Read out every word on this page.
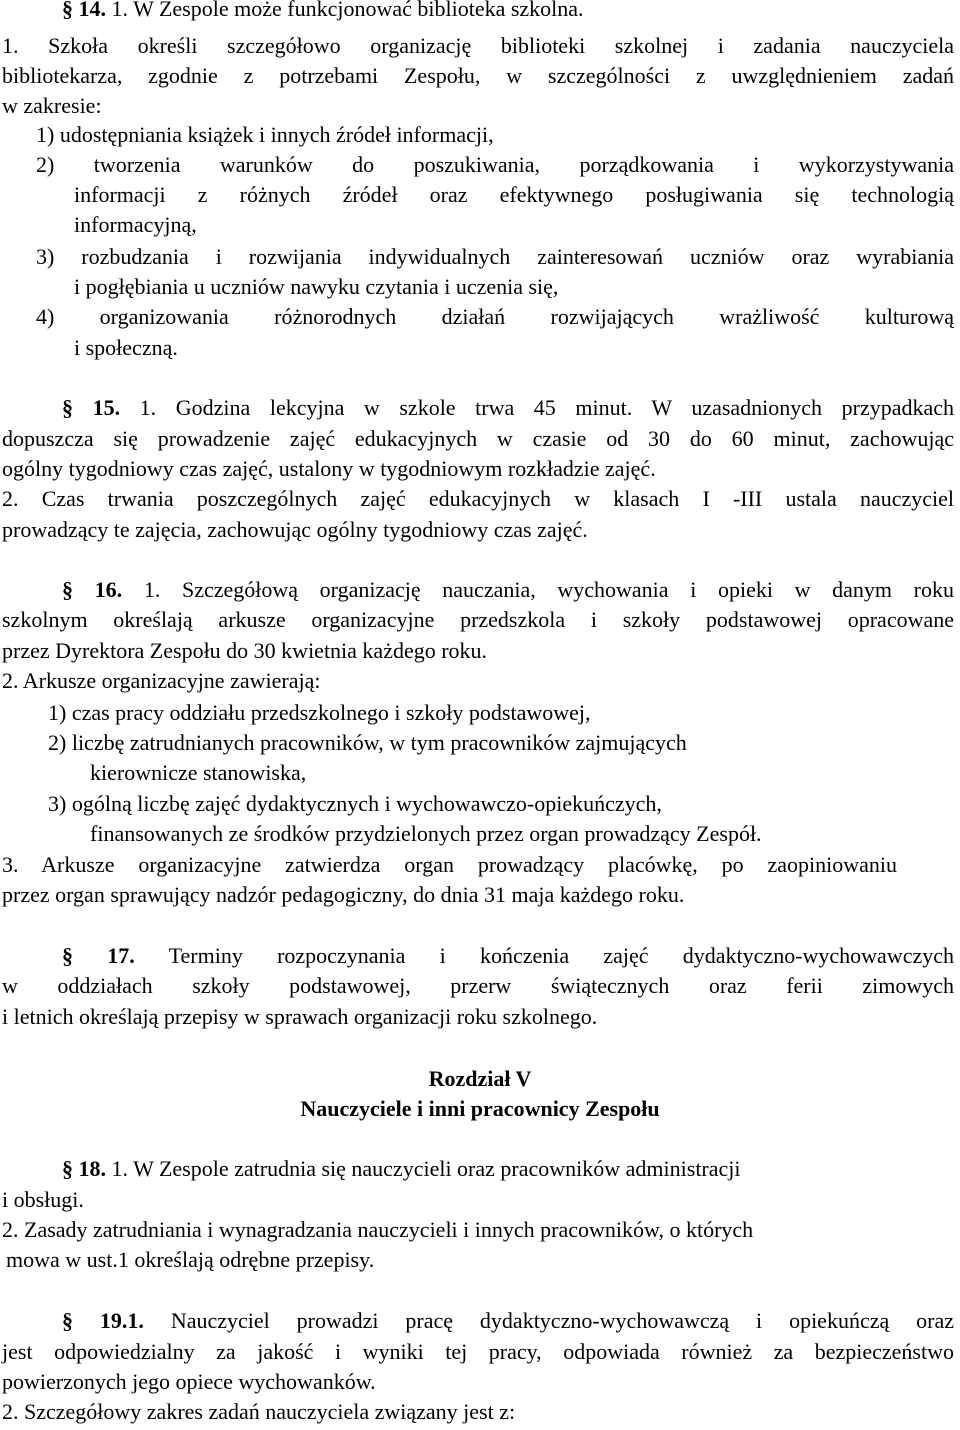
§ 14. 1. W Zespole może funkcjonować biblioteka szkolna.
1. Szkoła określi szczegółowo organizację biblioteki szkolnej i zadania nauczyciela
bibliotekarza, zgodnie z potrzebami Zespołu, w szczególności z uwzględnieniem zadań
w zakresie:
1) udostępniania książek i innych źródeł informacji,
2) tworzenia warunków do poszukiwania, porządkowania i wykorzystywania
informacji z różnych źródeł oraz efektywnego posługiwania się technologią
informacyjną,
3) rozbudzania i rozwijania indywidualnych zainteresowań uczniów oraz wyrabiania
i pogłębiania u uczniów nawyku czytania i uczenia się,
4) organizowania różnorodnych działań rozwijających wrażliwość kulturową
i społeczną.
§ 15. 1. Godzina lekcyjna w szkole trwa 45 minut. W uzasadnionych przypadkach
dopuszcza się prowadzenie zajęć edukacyjnych w czasie od 30 do 60 minut, zachowując
ogólny tygodniowy czas zajęć, ustalony w tygodniowym rozkładzie zajęć.
2. Czas trwania poszczególnych zajęć edukacyjnych w klasach I -III ustala nauczyciel
prowadzący te zajęcia, zachowując ogólny tygodniowy czas zajęć.
§ 16. 1. Szczegółową organizację nauczania, wychowania i opieki w danym roku
szkolnym określają arkusze organizacyjne przedszkola i szkoły podstawowej opracowane
przez Dyrektora Zespołu do 30 kwietnia każdego roku.
2. Arkusze organizacyjne zawierają:
1) czas pracy oddziału przedszkolnego i szkoły podstawowej,
2) liczbę zatrudnianych pracowników, w tym pracowników zajmujących
kierownicze stanowiska,
3) ogólną liczbę zajęć dydaktycznych i wychowawczo-opiekuńczych,
finansowanych ze środków przydzielonych przez organ prowadzący Zespół.
3. Arkusze organizacyjne zatwierdza organ prowadzący placówkę, po zaopiniowaniu
przez organ sprawujący nadzór pedagogiczny, do dnia 31 maja każdego roku.
§ 17. Terminy rozpoczynania i kończenia zajęć dydaktyczno-wychowawczych
w oddziałach szkoły podstawowej, przerw świątecznych oraz ferii zimowych
i letnich określają przepisy w sprawach organizacji roku szkolnego.
Rozdział V
Nauczyciele i inni pracownicy Zespołu
§ 18. 1. W Zespole zatrudnia się nauczycieli oraz pracowników administracji
i obsługi.
2. Zasady zatrudniania i wynagradzania nauczycieli i innych pracowników, o których
mowa w ust.1 określają odrębne przepisy.
§ 19.1. Nauczyciel prowadzi pracę dydaktyczno-wychowawczą i opiekuńczą oraz
jest odpowiedzialny za jakość i wyniki tej pracy, odpowiada również za bezpieczeństwo
powierzonych jego opiece wychowanków.
2. Szczegółowy zakres zadań nauczyciela związany jest z:
